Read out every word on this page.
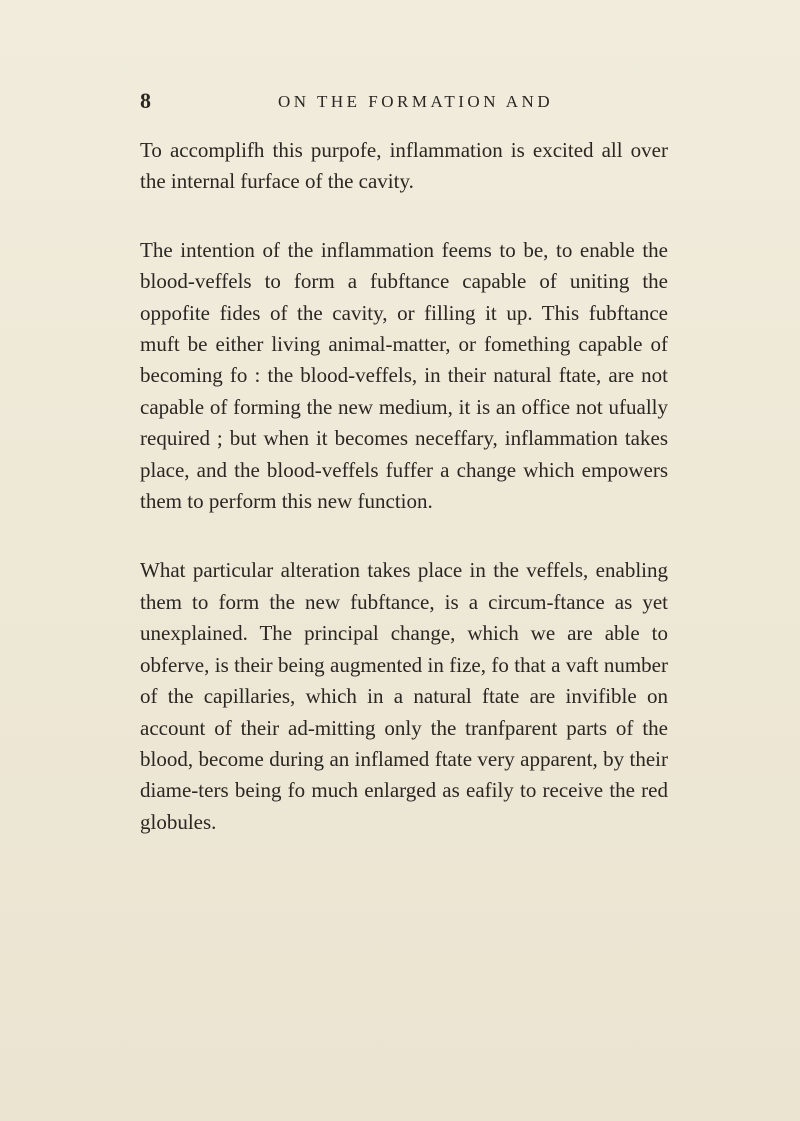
8	ON THE FORMATION AND

To accomplifh this purpofe, inflammation is excited all over the internal furface of the cavity.

The intention of the inflammation feems to be, to enable the blood-veffels to form a fubftance capable of uniting the oppofite fides of the cavity, or filling it up. This fubftance muft be either living animal-matter, or fomething capable of becoming fo : the blood-veffels, in their natural ftate, are not capable of forming the new medium, it is an office not ufually required ; but when it becomes neceffary, inflammation takes place, and the blood-veffels fuffer a change which empowers them to perform this new function.

What particular alteration takes place in the veffels, enabling them to form the new fubftance, is a circum-ftance as yet unexplained. The principal change, which we are able to obferve, is their being augmented in fize, fo that a vaft number of the capillaries, which in a natural ftate are invifible on account of their ad-mitting only the tranfparent parts of the blood, become during an inflamed ftate very apparent, by their diame-ters being fo much enlarged as eafily to receive the red globules.
